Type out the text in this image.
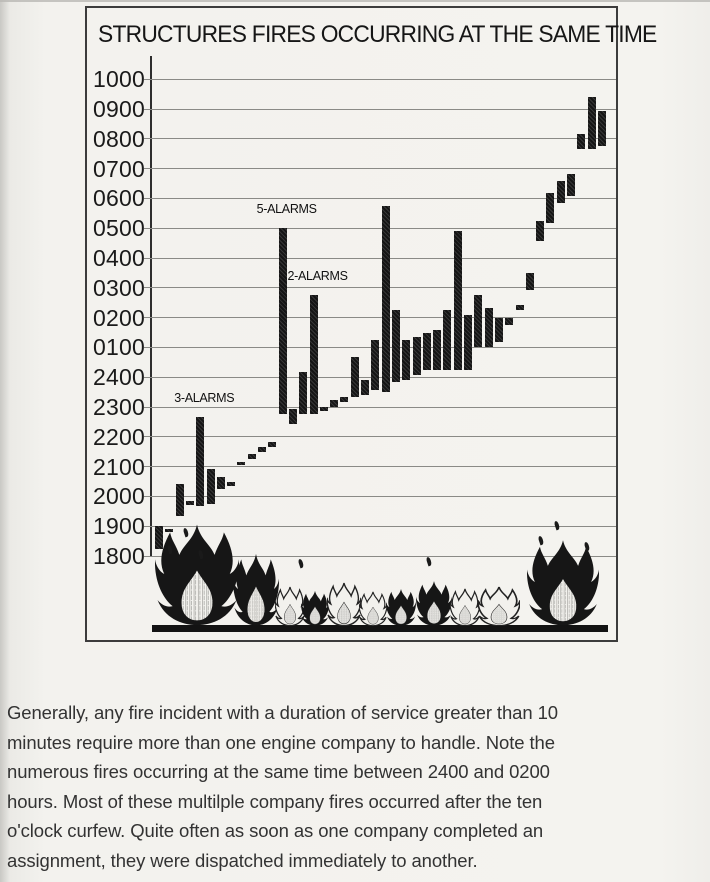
STRUCTURES FIRES OCCURRING AT THE SAME TIME
1000
0900
0800
0700
0600
0500
0400
0300
0200
0100
2400
2300
2200
2100
2000
1900
1800
3-ALARMS
5-ALARMS
2-ALARMS
Generally, any fire incident with a duration of service greater than 10
minutes require more than one engine company to handle. Note the
numerous fires occurring at the same time between 2400 and 0200
hours. Most of these multilple company fires occurred after the ten
o'clock curfew. Quite often as soon as one company completed an
assignment, they were dispatched immediately to another.
